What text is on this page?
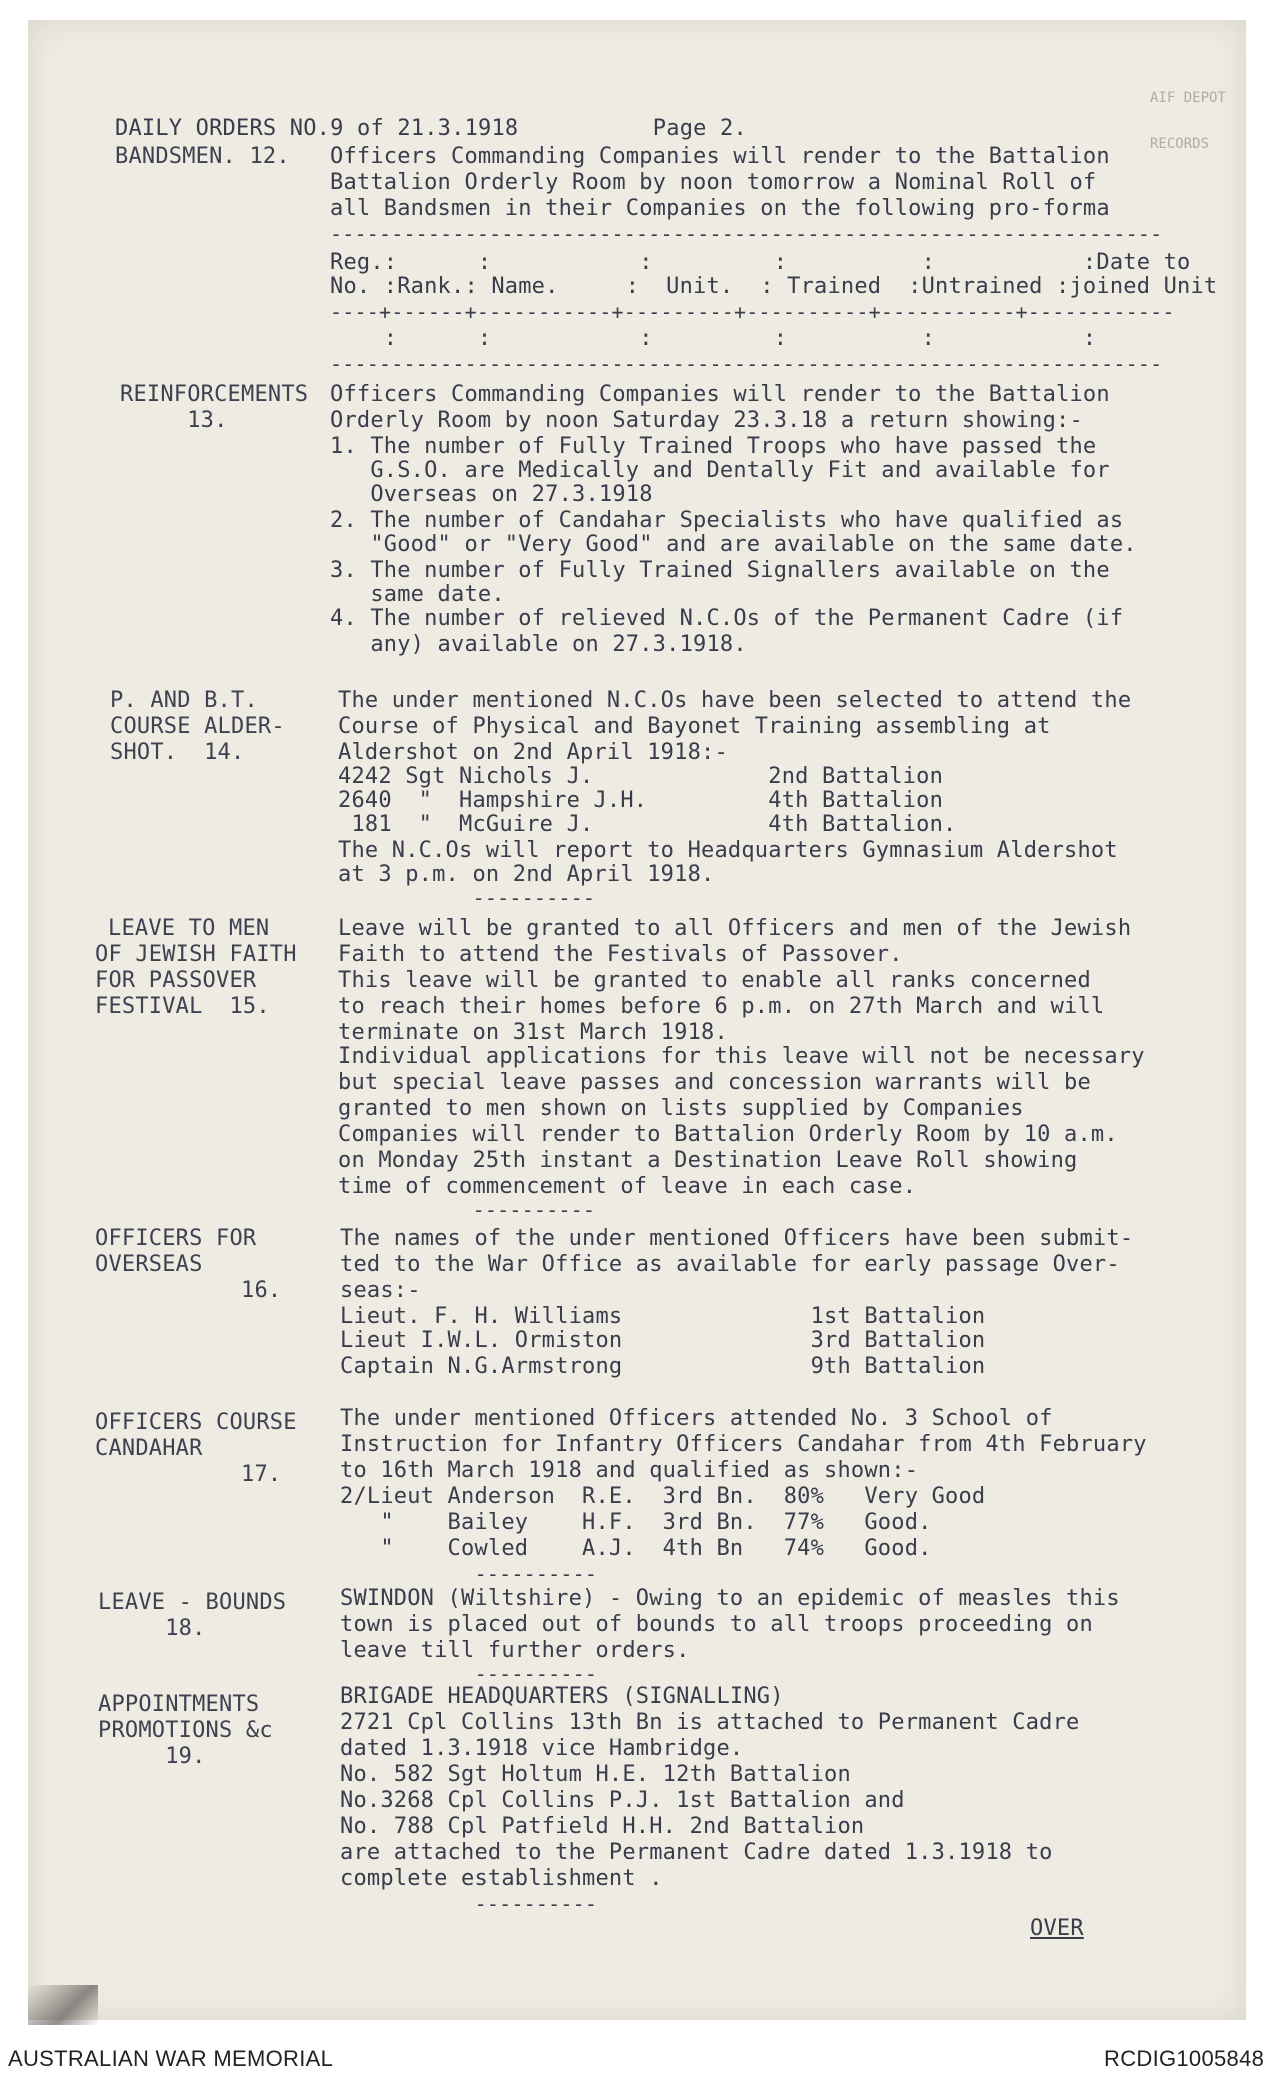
AIF DEPOT

RECORDS

DAILY ORDERS NO.9 of 21.3.1918          Page 2.
BANDSMEN. 12. Officers Commanding Companies will render to the Battalion
Battalion Orderly Room by noon tomorrow a Nominal Roll of
all Bandsmen in their Companies on the following pro-forma
--------------------------------------------------------------------
Reg.:      :           :         :          :           :Date to
No. :Rank.: Name.     :  Unit.  : Trained  :Untrained :joined Unit
----+------+-----------+---------+----------+-----------+------------
:      :           :         :          :           :
--------------------------------------------------------------------
REINFORCEMENTS
13.
Officers Commanding Companies will render to the Battalion
Orderly Room by noon Saturday 23.3.18 a return showing:-
1. The number of Fully Trained Troops who have passed the
G.S.O. are Medically and Dentally Fit and available for
Overseas on 27.3.1918
2. The number of Candahar Specialists who have qualified as
"Good" or "Very Good" and are available on the same date.
3. The number of Fully Trained Signallers available on the
same date.
4. The number of relieved N.C.Os of the Permanent Cadre (if
any) available on 27.3.1918.
P. AND B.T.
COURSE ALDER-
SHOT.  14.
The under mentioned N.C.Os have been selected to attend the
Course of Physical and Bayonet Training assembling at
Aldershot on 2nd April 1918:-
4242 Sgt Nichols J.             2nd Battalion
2640  "  Hampshire J.H.         4th Battalion
181  "  McGuire J.             4th Battalion.
The N.C.Os will report to Headquarters Gymnasium Aldershot
at 3 p.m. on 2nd April 1918.
----------
LEAVE TO MEN
OF JEWISH FAITH
FOR PASSOVER
FESTIVAL  15.
Leave will be granted to all Officers and men of the Jewish
Faith to attend the Festivals of Passover.
This leave will be granted to enable all ranks concerned
to reach their homes before 6 p.m. on 27th March and will
terminate on 31st March 1918.
Individual applications for this leave will not be necessary
but special leave passes and concession warrants will be
granted to men shown on lists supplied by Companies
Companies will render to Battalion Orderly Room by 10 a.m.
on Monday 25th instant a Destination Leave Roll showing
time of commencement of leave in each case.
----------
OFFICERS FOR
OVERSEAS
16.
The names of the under mentioned Officers have been submit-
ted to the War Office as available for early passage Over-
seas:-
Lieut. F. H. Williams              1st Battalion
Lieut I.W.L. Ormiston              3rd Battalion
Captain N.G.Armstrong              9th Battalion
OFFICERS COURSE
CANDAHAR
17.
The under mentioned Officers attended No. 3 School of
Instruction for Infantry Officers Candahar from 4th February
to 16th March 1918 and qualified as shown:-
2/Lieut Anderson  R.E.  3rd Bn.  80%   Very Good
"    Bailey    H.F.  3rd Bn.  77%   Good.
"    Cowled    A.J.  4th Bn   74%   Good.
----------
LEAVE - BOUNDS
18.
SWINDON (Wiltshire) - Owing to an epidemic of measles this
town is placed out of bounds to all troops proceeding on
leave till further orders.
----------
APPOINTMENTS
PROMOTIONS &c
19.
BRIGADE HEADQUARTERS (SIGNALLING)
2721 Cpl Collins 13th Bn is attached to Permanent Cadre
dated 1.3.1918 vice Hambridge.
No. 582 Sgt Holtum H.E. 12th Battalion
No.3268 Cpl Collins P.J. 1st Battalion and
No. 788 Cpl Patfield H.H. 2nd Battalion
are attached to the Permanent Cadre dated 1.3.1918 to
complete establishment .
----------
OVER
AUSTRALIAN WAR MEMORIAL	RCDIG1005848
